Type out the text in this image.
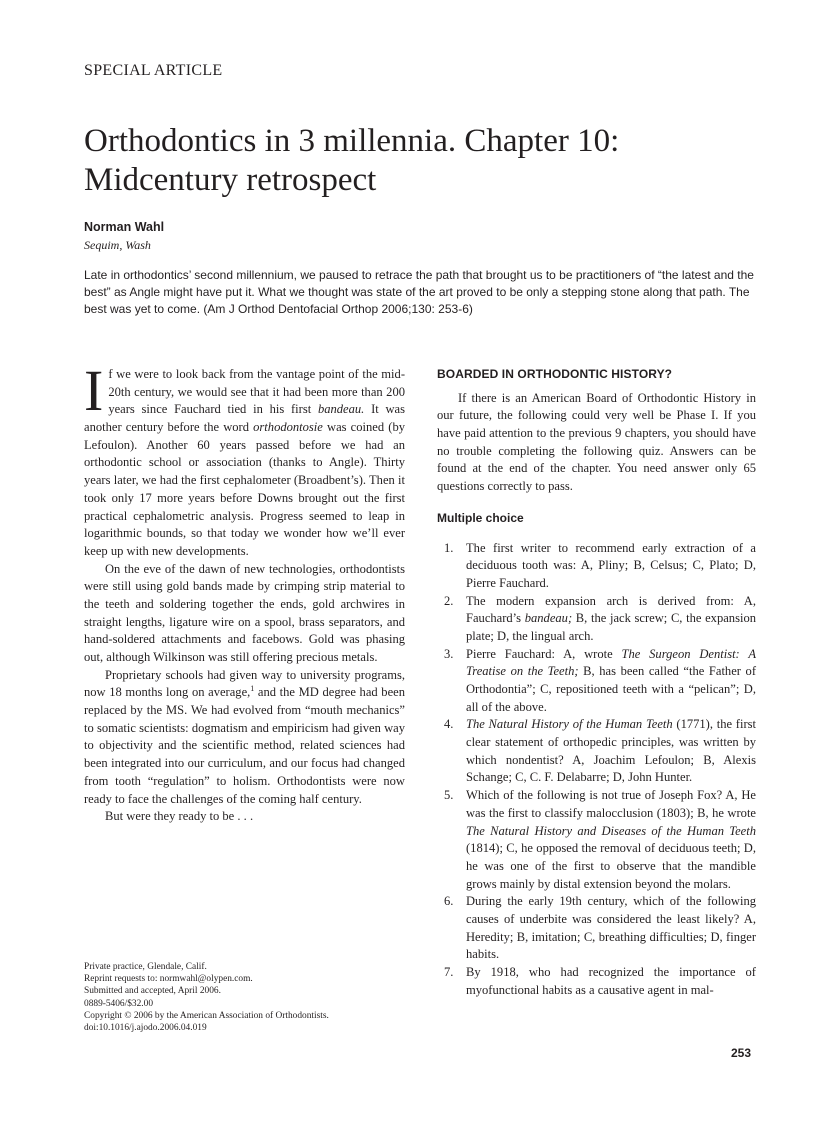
SPECIAL ARTICLE
Orthodontics in 3 millennia. Chapter 10:
Midcentury retrospect
Norman Wahl
Sequim, Wash
Late in orthodontics’ second millennium, we paused to retrace the path that brought us to be practitioners of “the latest and the best” as Angle might have put it. What we thought was state of the art proved to be only a stepping stone along that path. The best was yet to come. (Am J Orthod Dentofacial Orthop 2006;130: 253-6)

If we were to look back from the vantage point of the mid-20th century, we would see that it had been more than 200 years since Fauchard tied in his first bandeau. It was another century before the word orthodontosie was coined (by Lefoulon). Another 60 years passed before we had an orthodontic school or association (thanks to Angle). Thirty years later, we had the first cephalometer (Broadbent’s). Then it took only 17 more years before Downs brought out the first practical cephalometric analysis. Progress seemed to leap in logarithmic bounds, so that today we wonder how we’ll ever keep up with new developments.

On the eve of the dawn of new technologies, orthodontists were still using gold bands made by crimping strip material to the teeth and soldering together the ends, gold archwires in straight lengths, ligature wire on a spool, brass separators, and hand-soldered attachments and facebows. Gold was phasing out, although Wilkinson was still offering precious metals.

Proprietary schools had given way to university programs, now 18 months long on average,$^1$ and the MD degree had been replaced by the MS. We had evolved from “mouth mechanics” to somatic scientists: dogmatism and empiricism had given way to objectivity and the scientific method, related sciences had been integrated into our curriculum, and our focus had changed from tooth “regulation” to holism. Orthodontists were now ready to face the challenges of the coming half century.

But were they ready to be . . .

BOARDED IN ORTHODONTIC HISTORY?

If there is an American Board of Orthodontic History in our future, the following could very well be Phase I. If you have paid attention to the previous 9 chapters, you should have no trouble completing the following quiz. Answers can be found at the end of the chapter. You need answer only 65 questions correctly to pass.

Multiple choice
1. The first writer to recommend early extraction of a deciduous tooth was: A, Pliny; B, Celsus; C, Plato; D, Pierre Fauchard.
2. The modern expansion arch is derived from: A, Fauchard’s bandeau; B, the jack screw; C, the expansion plate; D, the lingual arch.
3. Pierre Fauchard: A, wrote The Surgeon Dentist: A Treatise on the Teeth; B, has been called “the Father of Orthodontia”; C, repositioned teeth with a “pelican”; D, all of the above.
4. The Natural History of the Human Teeth (1771), the first clear statement of orthopedic principles, was written by which nondentist? A, Joachim Lefoulon; B, Alexis Schange; C, C. F. Delabarre; D, John Hunter.
5. Which of the following is not true of Joseph Fox? A, He was the first to classify malocclusion (1803); B, he wrote The Natural History and Diseases of the Human Teeth (1814); C, he opposed the removal of deciduous teeth; D, he was one of the first to observe that the mandible grows mainly by distal extension beyond the molars.
6. During the early 19th century, which of the following causes of underbite was considered the least likely? A, Heredity; B, imitation; C, breathing difficulties; D, finger habits.
7. By 1918, who had recognized the importance of myofunctional habits as a causative agent in mal-
Private practice, Glendale, Calif.
Reprint requests to: normwahl@olypen.com.
Submitted and accepted, April 2006.
0889-5406/$32.00
Copyright © 2006 by the American Association of Orthodontists.
doi:10.1016/j.ajodo.2006.04.019
253
